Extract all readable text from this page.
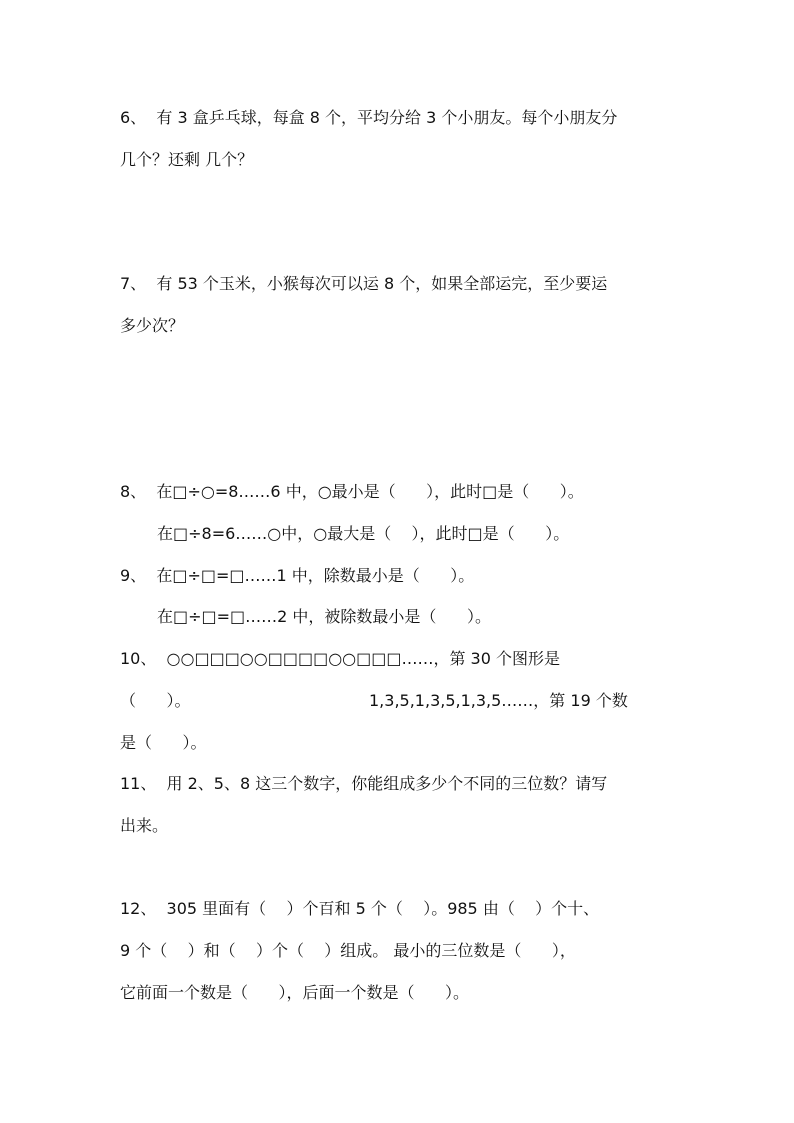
6、  有 3 盒乒乓球，每盒 8 个，平均分给 3 个小朋友。每个小朋友分
几个？还剩 几个？
7、  有 53 个玉米，小猴每次可以运 8 个，如果全部运完，至少要运
多少次？
8、  在□÷○=8……6 中，○最小是（      ），此时□是（      ）。
在□÷8=6……○中，○最大是（    ），此时□是（      ）。
9、  在□÷□=□……1 中，除数最小是（      ）。
在□÷□=□……2 中，被除数最小是（      ）。
10、  ○○□□□○○□□□□○○□□□……，第 30 个图形是
（      ）。	1,3,5,1,3,5,1,3,5……，第 19 个数
是（      ）。
11、  用 2、5、8 这三个数字，你能组成多少个不同的三位数？请写
出来。
12、  305 里面有（    ）个百和 5 个（    ）。985 由（    ）个十、
9 个（    ）和（    ）个（    ）组成。 最小的三位数是（      ），
它前面一个数是（      ），后面一个数是（      ）。
